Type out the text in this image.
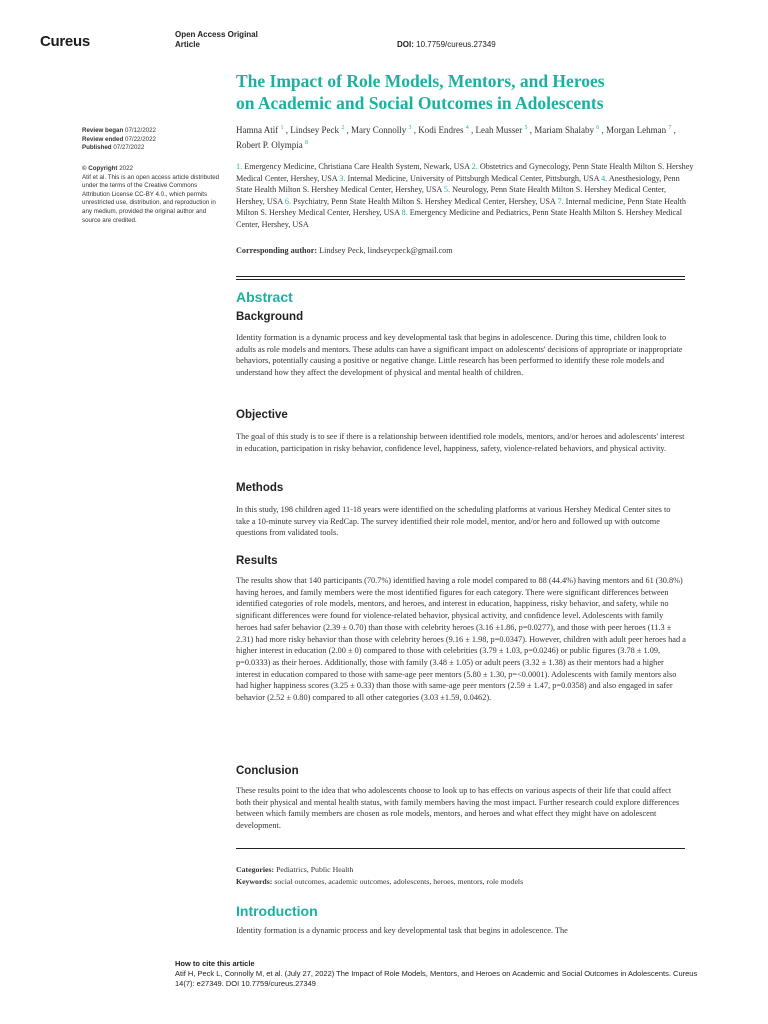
Cureus	Open Access Original
Article	DOI: 10.7759/cureus.27349
The Impact of Role Models, Mentors, and Heroes
on Academic and Social Outcomes in Adolescents
Hamna Atif $^1$ , Lindsey Peck $^2$ , Mary Connolly $^3$ , Kodi Endres $^4$ , Leah Musser $^5$ , Mariam Shalaby $^6$ , Morgan Lehman $^7$ , Robert P. Olympia $^8$
1. Emergency Medicine, Christiana Care Health System, Newark, USA 2. Obstetrics and Gynecology, Penn State Health Milton S. Hershey Medical Center, Hershey, USA 3. Internal Medicine, University of Pittsburgh Medical Center, Pittsburgh, USA 4. Anesthesiology, Penn State Health Milton S. Hershey Medical Center, Hershey, USA 5. Neurology, Penn State Health Milton S. Hershey Medical Center, Hershey, USA 6. Psychiatry, Penn State Health Milton S. Hershey Medical Center, Hershey, USA 7. Internal medicine, Penn State Health Milton S. Hershey Medical Center, Hershey, USA 8. Emergency Medicine and Pediatrics, Penn State Health Milton S. Hershey Medical Center, Hershey, USA
Corresponding author: Lindsey Peck, lindseycpeck@gmail.com
Review began 07/12/2022
Review ended 07/22/2022
Published 07/27/2022
© Copyright 2022
Atif et al. This is an open access article distributed under the terms of the Creative Commons Attribution License CC-BY 4.0., which permits unrestricted use, distribution, and reproduction in any medium, provided the original author and source are credited.
Abstract
Background
Identity formation is a dynamic process and key developmental task that begins in adolescence. During this time, children look to adults as role models and mentors. These adults can have a significant impact on adolescents' decisions of appropriate or inappropriate behaviors, potentially causing a positive or negative change. Little research has been performed to identify these role models and understand how they affect the development of physical and mental health of children.
Objective
The goal of this study is to see if there is a relationship between identified role models, mentors, and/or heroes and adolescents' interest in education, participation in risky behavior, confidence level, happiness, safety, violence-related behaviors, and physical activity.
Methods
In this study, 198 children aged 11-18 years were identified on the scheduling platforms at various Hershey Medical Center sites to take a 10-minute survey via RedCap. The survey identified their role model, mentor, and/or hero and followed up with outcome questions from validated tools.
Results
The results show that 140 participants (70.7%) identified having a role model compared to 88 (44.4%) having mentors and 61 (30.8%) having heroes, and family members were the most identified figures for each category. There were significant differences between identified categories of role models, mentors, and heroes, and interest in education, happiness, risky behavior, and safety, while no significant differences were found for violence-related behavior, physical activity, and confidence level. Adolescents with family heroes had safer behavior (2.39 ± 0.70) than those with celebrity heroes (3.16 ±1.86, p=0.0277), and those with peer heroes (11.3 ± 2.31) had more risky behavior than those with celebrity heroes (9.16 ± 1.98, p=0.0347). However, children with adult peer heroes had a higher interest in education (2.00 ± 0) compared to those with celebrities (3.79 ± 1.03, p=0.0246) or public figures (3.78 ± 1.09, p=0.0333) as their heroes. Additionally, those with family (3.48 ± 1.05) or adult peers (3.32 ± 1.38) as their mentors had a higher interest in education compared to those with same-age peer mentors (5.80 ± 1.30, p=<0.0001). Adolescents with family mentors also had higher happiness scores (3.25 ± 0.33) than those with same-age peer mentors (2.59 ± 1.47, p=0.0358) and also engaged in safer behavior (2.52 ± 0.80) compared to all other categories (3.03 ±1.59, 0.0462).
Conclusion
These results point to the idea that who adolescents choose to look up to has effects on various aspects of their life that could affect both their physical and mental health status, with family members having the most impact. Further research could explore differences between which family members are chosen as role models, mentors, and heroes and what effect they might have on adolescent development.
Categories: Pediatrics, Public Health
Keywords: social outcomes, academic outcomes, adolescents, heroes, mentors, role models
Introduction
Identity formation is a dynamic process and key developmental task that begins in adolescence. The
How to cite this article
Atif H, Peck L, Connolly M, et al. (July 27, 2022) The Impact of Role Models, Mentors, and Heroes on Academic and Social Outcomes in Adolescents. Cureus 14(7): e27349. DOI 10.7759/cureus.27349
